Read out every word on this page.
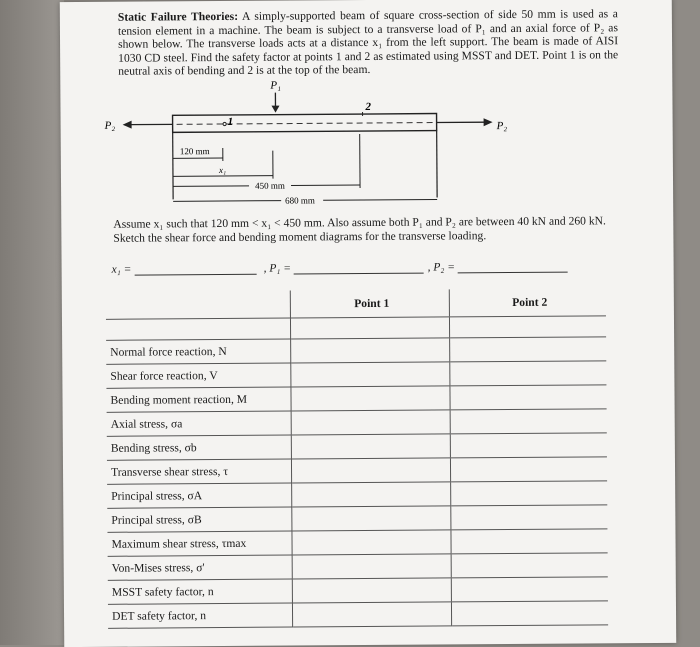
Static Failure Theories: A simply-supported beam of square cross-section of side 50 mm is used as a tension element in a machine. The beam is subject to a transverse load of P₁ and an axial force of P₂ as shown below. The transverse loads acts at a distance x₁ from the left support. The beam is made of AISI 1030 CD steel. Find the safety factor at points 1 and 2 as estimated using MSST and DET. Point 1 is on the neutral axis of bending and 2 is at the top of the beam.
P₁
P₂	P₂
1
2
120 mm
x₁
450 mm
680 mm
Assume x₁ such that 120 mm < x₁ < 450 mm. Also assume both P₁ and P₂ are between 40 kN and 260 kN. Sketch the shear force and bending moment diagrams for the transverse loading.
x₁ =	, P₁ =	, P₂ =
	Point 1	Point 2

Normal force reaction, N		
Shear force reaction, V		
Bending moment reaction, M		
Axial stress, σa		
Bending stress, σb		
Transverse shear stress, τ		
Principal stress, σA		
Principal stress, σB		
Maximum shear stress, τmax		
Von-Mises stress, σ'		
MSST safety factor, n		
DET safety factor, n		
